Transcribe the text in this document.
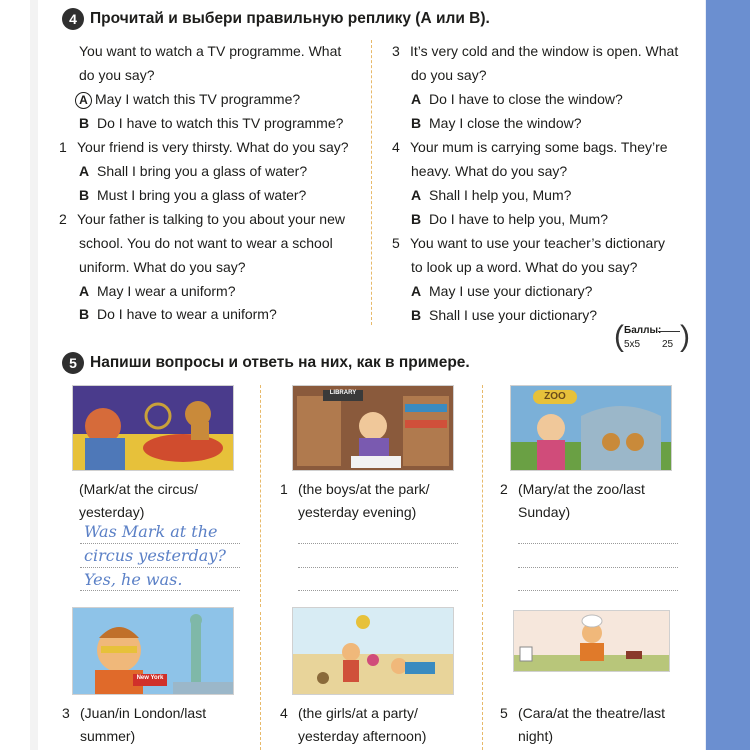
4 Прочитай и выбери правильную реплику (А или В).
You want to watch a TV programme. What
do you say?
A May I watch this TV programme?
B Do I have to watch this TV programme?
1 Your friend is very thirsty. What do you say?
A Shall I bring you a glass of water?
B Must I bring you a glass of water?
2 Your father is talking to you about your new
school. You do not want to wear a school
uniform. What do you say?
A May I wear a uniform?
B Do I have to wear a uniform?
3 It’s very cold and the window is open. What
do you say?
A Do I have to close the window?
B May I close the window?
4 Your mum is carrying some bags. They’re
heavy. What do you say?
A Shall I help you, Mum?
B Do I have to help you, Mum?
5 You want to use your teacher’s dictionary
to look up a word. What do you say?
A May I use your dictionary?
B Shall I use your dictionary?
( Баллы:
5x5 25 )
5 Напиши вопросы и ответь на них, как в примере.
LIBRARY	ZOO
(Mark/at the circus/
yesterday)
1 (the boys/at the park/
yesterday evening)
2 (Mary/at the zoo/last
Sunday)
Was Mark at the
circus yesterday?
Yes, he was.
New York
3 (Juan/in London/last
summer)
4 (the girls/at a party/
yesterday afternoon)
5 (Cara/at the theatre/last
night)
